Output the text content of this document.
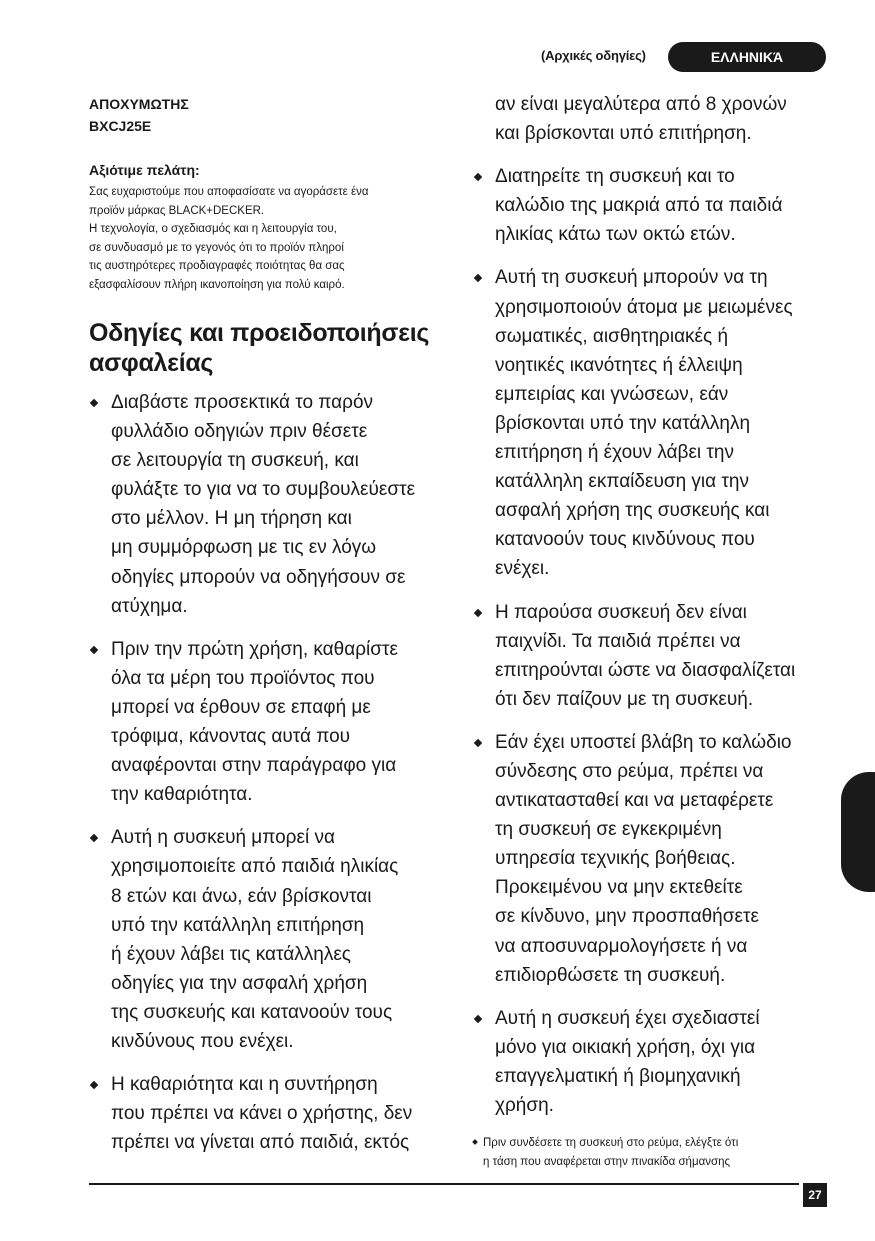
(Αρχικές οδηγίες)	ΕΛΛΗΝΙΚΆ
ΑΠΟΧΥΜΩΤΗΣ
BXCJ25E
Αξιότιμε πελάτη:
Σας ευχαριστούμε που αποφασίσατε να αγοράσετε ένα
προϊόν μάρκας BLACK+DECKER.
Η τεχνολογία, ο σχεδιασμός και η λειτουργία του,
σε συνδυασμό με το γεγονός ότι το προϊόν πληροί
τις αυστηρότερες προδιαγραφές ποιότητας θα σας
εξασφαλίσουν πλήρη ικανοποίηση για πολύ καιρό.
Οδηγίες και προειδοποιήσεις
ασφαλείας
Διαβάστε προσεκτικά το παρόν
φυλλάδιο οδηγιών πριν θέσετε
σε λειτουργία τη συσκευή, και
φυλάξτε το για να το συμβουλεύεστε
στο μέλλον. Η μη τήρηση και
μη συμμόρφωση με τις εν λόγω
οδηγίες μπορούν να οδηγήσουν σε
ατύχημα.
Πριν την πρώτη χρήση, καθαρίστε
όλα τα μέρη του προϊόντος που
μπορεί να έρθουν σε επαφή με
τρόφιμα, κάνοντας αυτά που
αναφέρονται στην παράγραφο για
την καθαριότητα.
Αυτή η συσκευή μπορεί να
χρησιμοποιείτε από παιδιά ηλικίας
8 ετών και άνω, εάν βρίσκονται
υπό την κατάλληλη επιτήρηση
ή έχουν λάβει τις κατάλληλες
οδηγίες για την ασφαλή χρήση
της συσκευής και κατανοούν τους
κινδύνους που ενέχει.
Η καθαριότητα και η συντήρηση
που πρέπει να κάνει ο χρήστης, δεν
πρέπει να γίνεται από παιδιά, εκτός
αν είναι μεγαλύτερα από 8 χρονών
και βρίσκονται υπό επιτήρηση.
Διατηρείτε τη συσκευή και το
καλώδιο της μακριά από τα παιδιά
ηλικίας κάτω των οκτώ ετών.
Αυτή τη συσκευή μπορούν να τη
χρησιμοποιούν άτομα με μειωμένες
σωματικές, αισθητηριακές ή
νοητικές ικανότητες ή έλλειψη
εμπειρίας και γνώσεων, εάν
βρίσκονται υπό την κατάλληλη
επιτήρηση ή έχουν λάβει την
κατάλληλη εκπαίδευση για την
ασφαλή χρήση της συσκευής και
κατανοούν τους κινδύνους που
ενέχει.
Η παρούσα συσκευή δεν είναι
παιχνίδι. Τα παιδιά πρέπει να
επιτηρούνται ώστε να διασφαλίζεται
ότι δεν παίζουν με τη συσκευή.
Εάν έχει υποστεί βλάβη το καλώδιο
σύνδεσης στο ρεύμα, πρέπει να
αντικατασταθεί και να μεταφέρετε
τη συσκευή σε εγκεκριμένη
υπηρεσία τεχνικής βοήθειας.
Προκειμένου να μην εκτεθείτε
σε κίνδυνο, μην προσπαθήσετε
να αποσυναρμολογήσετε ή να
επιδιορθώσετε τη συσκευή.
Αυτή η συσκευή έχει σχεδιαστεί
μόνο για οικιακή χρήση, όχι για
επαγγελματική ή βιομηχανική
χρήση.
Πριν συνδέσετε τη συσκευή στο ρεύμα, ελέγξτε ότι
η τάση που αναφέρεται στην πινακίδα σήμανσης
27
